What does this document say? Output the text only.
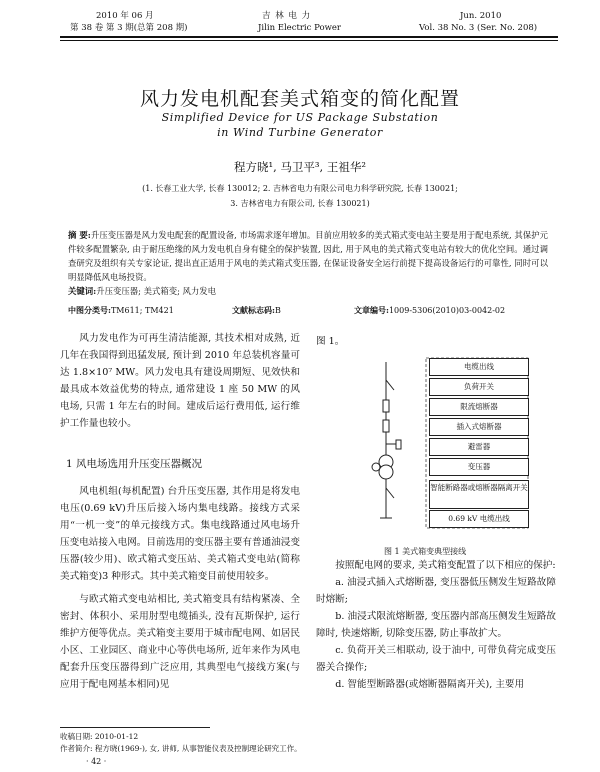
2010 年 06 月
第 38 卷 第 3 期(总第 208 期)
吉 林 电 力
Jilin Electric Power
Jun. 2010
Vol. 38 No. 3 (Ser. No. 208)
风力发电机配套美式箱变的简化配置
Simplified Device for US Package Substation
in Wind Turbine Generator
程方晓¹, 马卫平³, 王祖华²
(1. 长春工业大学, 长春 130012; 2. 吉林省电力有限公司电力科学研究院, 长春 130021;
3. 吉林省电力有限公司, 长春 130021)
摘 要:升压变压器是风力发电配套的配置设备, 市场需求逐年增加。目前应用较多的美式箱式变电站主要是用于配电系统, 其保护元件较多配置繁杂, 由于耐压绝缘的风力发电机自身有健全的保护装置, 因此, 用于风电的美式箱式变电站有较大的优化空间。通过调查研究及组织有关专家论证, 提出直正适用于风电的美式箱式变压器, 在保证设备安全运行前提下提高设备运行的可靠性, 同时可以明显降低风电场投资。
关键词:升压变压器; 美式箱变; 风力发电
中图分类号:TM611; TM421	文献标志码:B	文章编号:1009-5306(2010)03-0042-02

风力发电作为可再生清洁能源, 其技术相对成熟, 近几年在我国得到迅猛发展, 预计到 2010 年总装机容量可达 1.8×10⁷ MW。风力发电具有建设周期短、见效快和最具成本效益优势的特点, 通常建设 1 座 50 MW 的风电场, 只需 1 年左右的时间。建成后运行费用低, 运行维护工作量也较小。

1 风电场选用升压变压器概况

风电机组(每机配置) 台升压变压器, 其作用是将发电电压(0.69 kV)升压后接入场内集电线路。接线方式采用“一机一变”的单元接线方式。集电线路通过风电场升压变电站接入电网。目前选用的变压器主要有普通油浸变压器(较少用)、欧式箱式变压站、美式箱式变电站(简称美式箱变)3 种形式。其中美式箱变目前使用较多。

与欧式箱式变电站相比, 美式箱变具有结构紧凑、全密封、体积小、采用肘型电缆插头, 没有瓦斯保护, 运行维护方便等优点。美式箱变主要用于城市配电网、如居民小区、工业园区、商业中心等供电场所, 近年来作为风电配套升压变压器得到广泛应用, 其典型电气接线方案(与应用于配电网基本相同)见

图 1。

电缆出线
负荷开关
限流熔断器
插入式熔断器
避雷器
变压器
智能断路器或熔断器隔离开关
0.69 kV 电缆出线
图 1 美式箱变典型接线

按照配电网的要求, 美式箱变配置了以下相应的保护:

a. 油浸式插入式熔断器, 变压器低压侧发生短路故障时熔断;

b. 油浸式限流熔断器, 变压器内部高压侧发生短路故障时, 快速熔断, 切除变压器, 防止事故扩大。

c. 负荷开关三相联动, 设于油中, 可带负荷完成变压器关合操作;

d. 智能型断路器(或熔断器隔离开关), 主要用

收稿日期: 2010-01-12
作者简介: 程方晓(1969-), 女, 讲师, 从事智能仪表及控制理论研究工作。
· 42 ·
